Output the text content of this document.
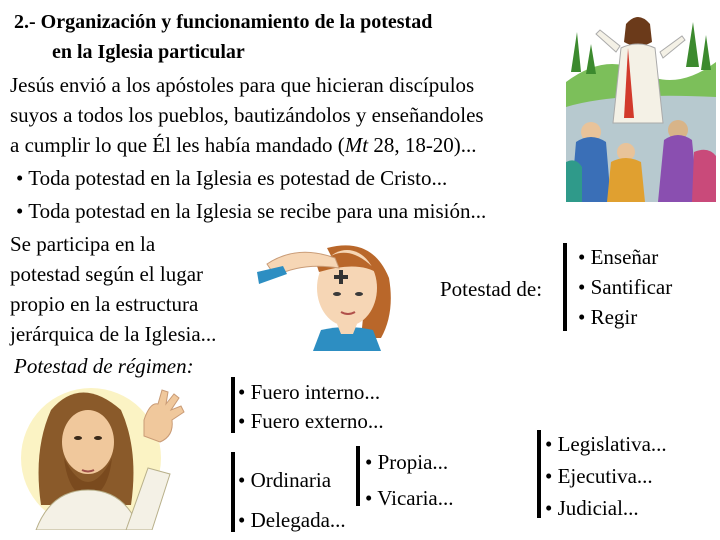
2.- Organización y funcionamiento de la potestad
en la Iglesia particular
Jesús envió a los apóstoles para que hicieran discípulos
suyos a todos los pueblos, bautizándolos y enseñandoles
a cumplir lo que Él les había mandado (Mt 28, 18-20)...
• Toda potestad en la Iglesia es potestad de Cristo...
• Toda potestad en la Iglesia se recibe para una misión...
Se participa en la
potestad según el lugar
propio en la estructura
jerárquica de la Iglesia...
Potestad de:
• Enseñar
• Santificar
• Regir
Potestad de régimen:
• Fuero interno...
• Fuero externo...
• Ordinaria
• Delegada...
• Propia...
• Vicaria...
• Legislativa...
• Ejecutiva...
• Judicial...
